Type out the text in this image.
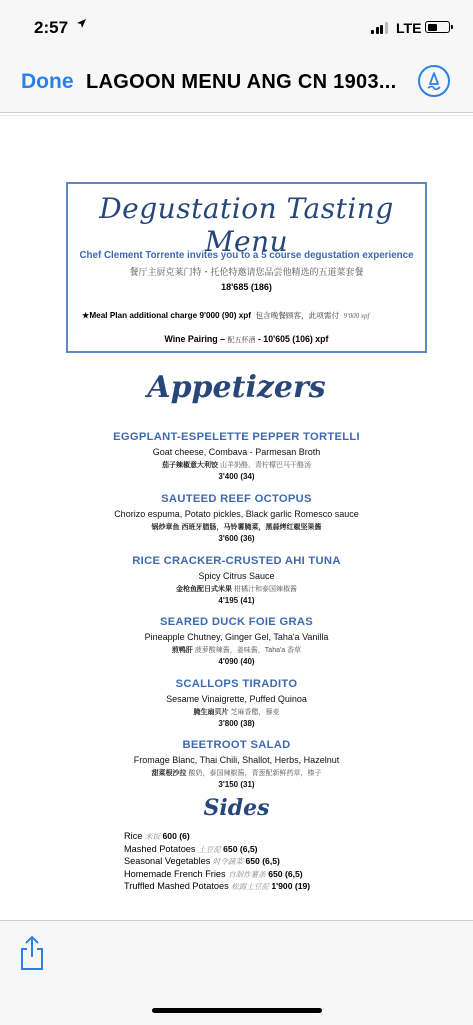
2:57	LTE
Done LAGOON MENU ANG CN 1903...
Degustation Tasting Menu
Chef Clement Torrente invites you to a 5 course degustation experience
餐厅主厨克莱门特・托伦特邀请您品尝他精选的五道菜套餐
18'685 (186)
★Meal Plan additional charge 9'000 (90) xpf 包含晚餐顾客，此项需付 9'000 xpf
Wine Pairing – 配五杯酒 - 10'605 (106) xpf
Appetizers
EGGPLANT-ESPELETTE PEPPER TORTELLI
Goat cheese, Combava - Parmesan Broth
茄子辣椒意大利饺 山羊奶酪，青柠檬巴马干酪汤
3'400 (34)
SAUTEED REEF OCTOPUS
Chorizo espuma, Potato pickles, Black garlic Romesco sauce
锅炒章鱼 西班牙腊肠，马铃薯腌菜，黑蒜烤红椒坚果酱
3'600 (36)
RICE CRACKER-CRUSTED AHI TUNA
Spicy Citrus Sauce
金枪鱼配日式米果 柑橘汁和泰国辣椒酱
4'195 (41)
SEARED DUCK FOIE GRAS
Pineapple Chutney, Ginger Gel, Taha'a Vanilla
煎鸭肝 菠萝酸辣酱，姜味酱，Taha'a 香草
4'090 (40)
SCALLOPS TIRADITO
Sesame Vinaigrette, Puffed Quinoa
腌生扇贝片 芝麻香醋，藜麦
3'800 (38)
BEETROOT SALAD
Fromage Blanc, Thai Chili, Shallot, Herbs, Hazelnut
甜菜根沙拉 酸奶，泰国辣椒酱，青葱配新鲜药草，榛子
3'150 (31)
Sides
Rice 米饭 600 (6)
Mashed Potatoes 土豆泥 650 (6,5)
Seasonal Vegetables 时令蔬菜 650 (6,5)
Homemade French Fries 自制炸薯条 650 (6,5)
Truffled Mashed Potatoes 松露土豆泥 1'900 (19)
